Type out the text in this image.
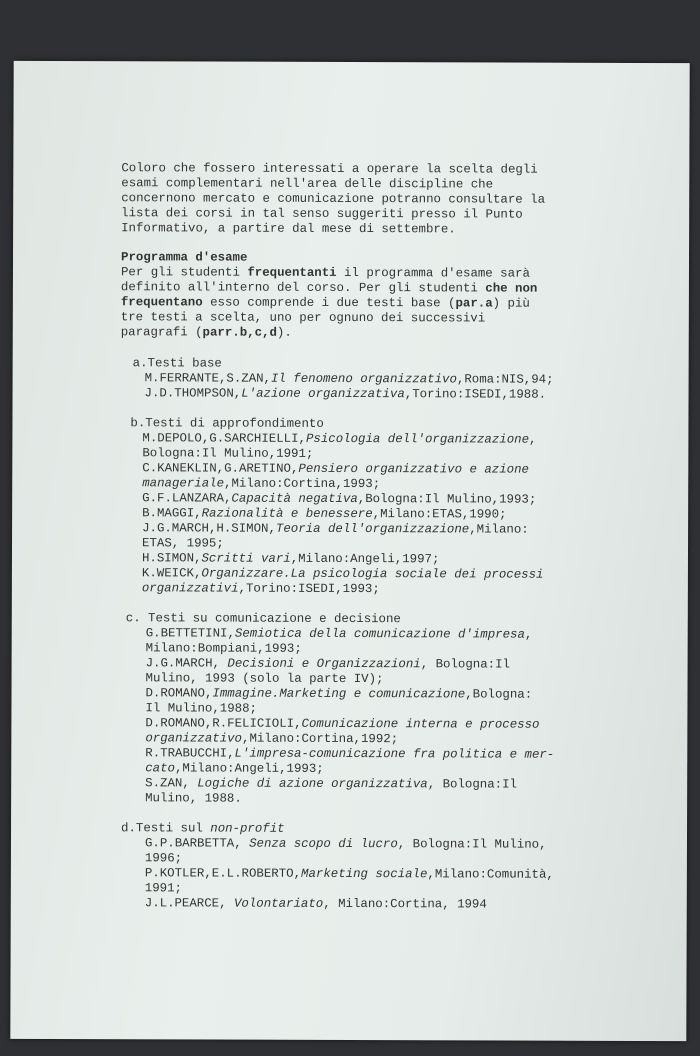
Coloro che fossero interessati a operare la scelta degli
esami complementari nell'area delle discipline che
concernono mercato e comunicazione potranno consultare la
lista dei corsi in tal senso suggeriti presso il Punto
Informativo, a partire dal mese di settembre.
Programma d'esame
Per gli studenti frequentanti il programma d'esame sarà
definito all'interno del corso. Per gli studenti che non
frequentano esso comprende i due testi base (par.a) più
tre testi a scelta, uno per ognuno dei successivi
paragrafi (parr.b,c,d).
a.Testi base
M.FERRANTE,S.ZAN,Il fenomeno organizzativo,Roma:NIS,94;
J.D.THOMPSON,L'azione organizzativa,Torino:ISEDI,1988.
b.Testi di approfondimento
M.DEPOLO,G.SARCHIELLI,Psicologia dell'organizzazione,
Bologna:Il Mulino,1991;
C.KANEKLIN,G.ARETINO,Pensiero organizzativo e azione
manageriale,Milano:Cortina,1993;
G.F.LANZARA,Capacità negativa,Bologna:Il Mulino,1993;
B.MAGGI,Razionalità e benessere,Milano:ETAS,1990;
J.G.MARCH,H.SIMON,Teoria dell'organizzazione,Milano:
ETAS, 1995;
H.SIMON,Scritti vari,Milano:Angeli,1997;
K.WEICK,Organizzare.La psicologia sociale dei processi
organizzativi,Torino:ISEDI,1993;
c. Testi su comunicazione e decisione
G.BETTETINI,Semiotica della comunicazione d'impresa,
Milano:Bompiani,1993;
J.G.MARCH, Decisioni e Organizzazioni, Bologna:Il
Mulino, 1993 (solo la parte IV);
D.ROMANO,Immagine.Marketing e comunicazione,Bologna:
Il Mulino,1988;
D.ROMANO,R.FELICIOLI,Comunicazione interna e processo
organizzativo,Milano:Cortina,1992;
R.TRABUCCHI,L'impresa-comunicazione fra politica e mer-
cato,Milano:Angeli,1993;
S.ZAN, Logiche di azione organizzativa, Bologna:Il
Mulino, 1988.
d.Testi sul non-profit
G.P.BARBETTA, Senza scopo di lucro, Bologna:Il Mulino,
1996;
P.KOTLER,E.L.ROBERTO,Marketing sociale,Milano:Comunità,
1991;
J.L.PEARCE, Volontariato, Milano:Cortina, 1994
